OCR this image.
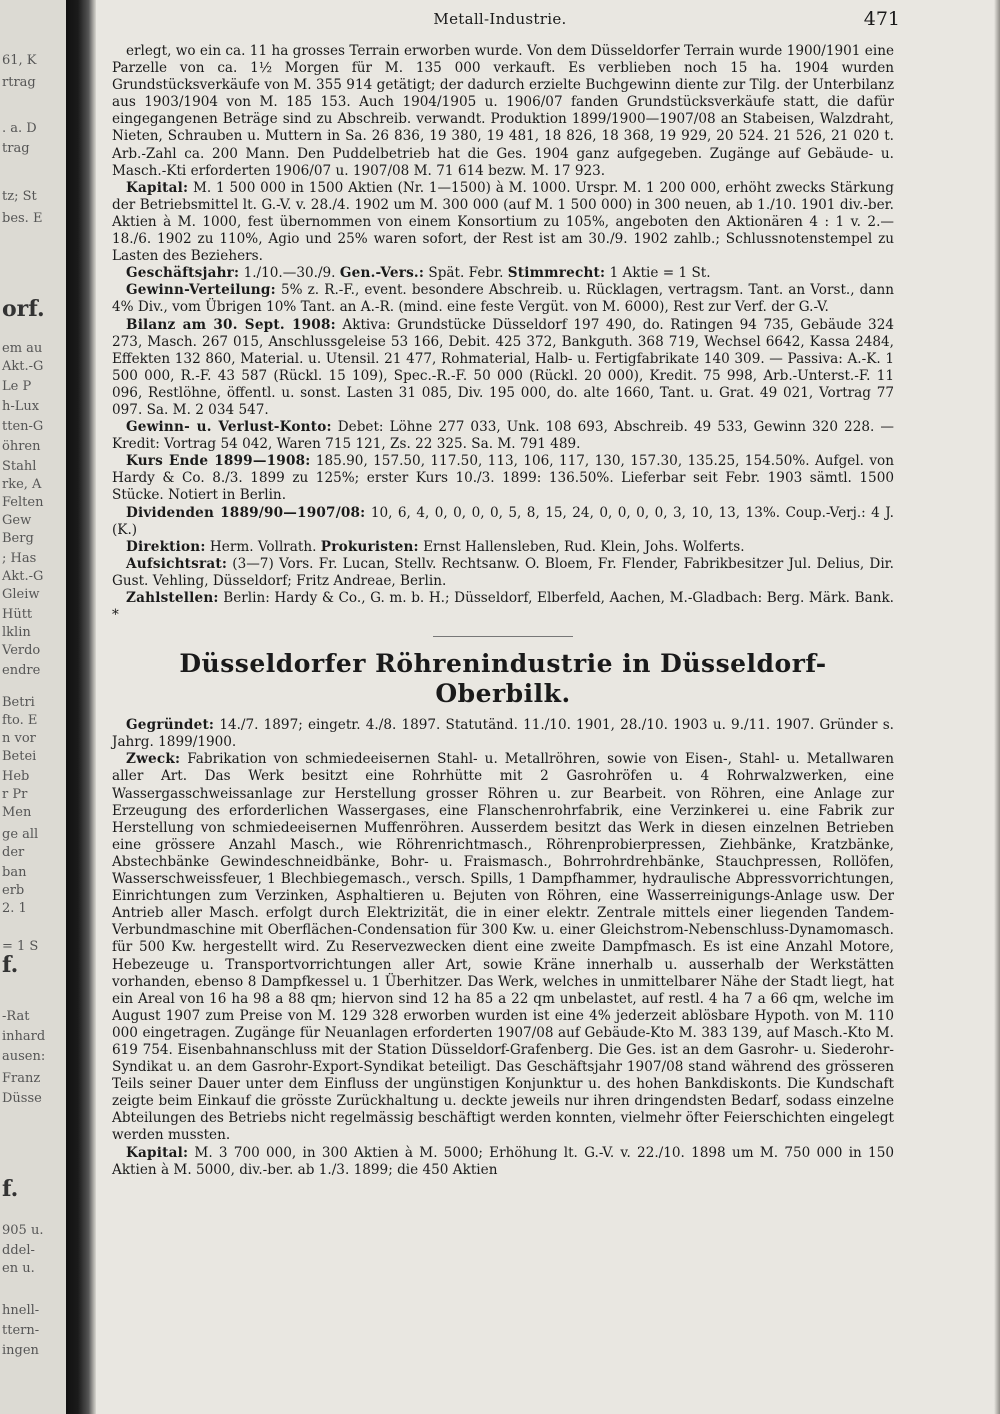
61, K
rtrag
. a. D
trag
tz; St
bes. E
orf.
em au
Akt.-G
Le P
h-Lux
tten-G
öhren
Stahl
rke, A
Felten
Gew
Berg
; Has
Akt.-G
Gleiw
Hütt
lklin
Verdo
endre
Betri
fto. E
n vor
Betei
Heb
r Pr
Men
ge all
der
ban
erb
2. 1
= 1 S
f.
-Rat
inhard
ausen:
Franz
Düsse
f.
905 u.
ddel-
en u.
hnell-
ttern-
ingen
Metall-Industrie.	471

erlegt, wo ein ca. 11 ha grosses Terrain erworben wurde. Von dem Düsseldorfer Terrain wurde 1900/1901 eine Parzelle von ca. 1½ Morgen für M. 135 000 verkauft. Es verblieben noch 15 ha. 1904 wurden Grundstücksverkäufe von M. 355 914 getätigt; der dadurch erzielte Buchgewinn diente zur Tilg. der Unterbilanz aus 1903/1904 von M. 185 153. Auch 1904/1905 u. 1906/07 fanden Grundstücksverkäufe statt, die dafür eingegangenen Beträge sind zu Abschreib. verwandt. Produktion 1899/1900—1907/08 an Stabeisen, Walzdraht, Nieten, Schrauben u. Muttern in Sa. 26 836, 19 380, 19 481, 18 826, 18 368, 19 929, 20 524. 21 526, 21 020 t. Arb.-Zahl ca. 200 Mann. Den Puddelbetrieb hat die Ges. 1904 ganz aufgegeben. Zugänge auf Gebäude- u. Masch.-Kti erforderten 1906/07 u. 1907/08 M. 71 614 bezw. M. 17 923.

Kapital: M. 1 500 000 in 1500 Aktien (Nr. 1—1500) à M. 1000. Urspr. M. 1 200 000, erhöht zwecks Stärkung der Betriebsmittel lt. G.-V. v. 28./4. 1902 um M. 300 000 (auf M. 1 500 000) in 300 neuen, ab 1./10. 1901 div.-ber. Aktien à M. 1000, fest übernommen von einem Konsortium zu 105%, angeboten den Aktionären 4 : 1 v. 2.—18./6. 1902 zu 110%, Agio und 25% waren sofort, der Rest ist am 30./9. 1902 zahlb.; Schlussnotenstempel zu Lasten des Beziehers.

Geschäftsjahr: 1./10.—30./9. Gen.-Vers.: Spät. Febr. Stimmrecht: 1 Aktie = 1 St.

Gewinn-Verteilung: 5% z. R.-F., event. besondere Abschreib. u. Rücklagen, vertragsm. Tant. an Vorst., dann 4% Div., vom Übrigen 10% Tant. an A.-R. (mind. eine feste Vergüt. von M. 6000), Rest zur Verf. der G.-V.

Bilanz am 30. Sept. 1908: Aktiva: Grundstücke Düsseldorf 197 490, do. Ratingen 94 735, Gebäude 324 273, Masch. 267 015, Anschlussgeleise 53 166, Debit. 425 372, Bankguth. 368 719, Wechsel 6642, Kassa 2484, Effekten 132 860, Material. u. Utensil. 21 477, Rohmaterial, Halb- u. Fertigfabrikate 140 309. — Passiva: A.-K. 1 500 000, R.-F. 43 587 (Rückl. 15 109), Spec.-R.-F. 50 000 (Rückl. 20 000), Kredit. 75 998, Arb.-Unterst.-F. 11 096, Restlöhne, öffentl. u. sonst. Lasten 31 085, Div. 195 000, do. alte 1660, Tant. u. Grat. 49 021, Vortrag 77 097. Sa. M. 2 034 547.

Gewinn- u. Verlust-Konto: Debet: Löhne 277 033, Unk. 108 693, Abschreib. 49 533, Gewinn 320 228. — Kredit: Vortrag 54 042, Waren 715 121, Zs. 22 325. Sa. M. 791 489.

Kurs Ende 1899—1908: 185.90, 157.50, 117.50, 113, 106, 117, 130, 157.30, 135.25, 154.50%. Aufgel. von Hardy & Co. 8./3. 1899 zu 125%; erster Kurs 10./3. 1899: 136.50%. Lieferbar seit Febr. 1903 sämtl. 1500 Stücke. Notiert in Berlin.

Dividenden 1889/90—1907/08: 10, 6, 4, 0, 0, 0, 0, 5, 8, 15, 24, 0, 0, 0, 0, 3, 10, 13, 13%. Coup.-Verj.: 4 J. (K.)

Direktion: Herm. Vollrath. Prokuristen: Ernst Hallensleben, Rud. Klein, Johs. Wolferts.

Aufsichtsrat: (3—7) Vors. Fr. Lucan, Stellv. Rechtsanw. O. Bloem, Fr. Flender, Fabrikbesitzer Jul. Delius, Dir. Gust. Vehling, Düsseldorf; Fritz Andreae, Berlin.

Zahlstellen: Berlin: Hardy & Co., G. m. b. H.; Düsseldorf, Elberfeld, Aachen, M.-Gladbach: Berg. Märk. Bank. *

Düsseldorfer Röhrenindustrie in Düsseldorf-Oberbilk.

Gegründet: 14./7. 1897; eingetr. 4./8. 1897. Statutänd. 11./10. 1901, 28./10. 1903 u. 9./11. 1907. Gründer s. Jahrg. 1899/1900.

Zweck: Fabrikation von schmiedeeisernen Stahl- u. Metallröhren, sowie von Eisen-, Stahl- u. Metallwaren aller Art. Das Werk besitzt eine Rohrhütte mit 2 Gasrohröfen u. 4 Rohrwalzwerken, eine Wassergasschweissanlage zur Herstellung grosser Röhren u. zur Bearbeit. von Röhren, eine Anlage zur Erzeugung des erforderlichen Wassergases, eine Flanschenrohrfabrik, eine Verzinkerei u. eine Fabrik zur Herstellung von schmiedeeisernen Muffenröhren. Ausserdem besitzt das Werk in diesen einzelnen Betrieben eine grössere Anzahl Masch., wie Röhrenrichtmasch., Röhrenprobierpressen, Ziehbänke, Kratzbänke, Abstechbänke Gewindeschneidbänke, Bohr- u. Fraismasch., Bohrrohrdrehbänke, Stauchpressen, Rollöfen, Wasserschweissfeuer, 1 Blechbiegemasch., versch. Spills, 1 Dampfhammer, hydraulische Abpressvorrichtungen, Einrichtungen zum Verzinken, Asphaltieren u. Bejuten von Röhren, eine Wasserreinigungs-Anlage usw. Der Antrieb aller Masch. erfolgt durch Elektrizität, die in einer elektr. Zentrale mittels einer liegenden Tandem-Verbundmaschine mit Oberflächen-Condensation für 300 Kw. u. einer Gleichstrom-Nebenschluss-Dynamomasch. für 500 Kw. hergestellt wird. Zu Reservezwecken dient eine zweite Dampfmasch. Es ist eine Anzahl Motore, Hebezeuge u. Transportvorrichtungen aller Art, sowie Kräne innerhalb u. ausserhalb der Werkstätten vorhanden, ebenso 8 Dampfkessel u. 1 Überhitzer. Das Werk, welches in unmittelbarer Nähe der Stadt liegt, hat ein Areal von 16 ha 98 a 88 qm; hiervon sind 12 ha 85 a 22 qm unbelastet, auf restl. 4 ha 7 a 66 qm, welche im August 1907 zum Preise von M. 129 328 erworben wurden ist eine 4% jederzeit ablösbare Hypoth. von M. 110 000 eingetragen. Zugänge für Neuanlagen erforderten 1907/08 auf Gebäude-Kto M. 383 139, auf Masch.-Kto M. 619 754. Eisenbahnanschluss mit der Station Düsseldorf-Grafenberg. Die Ges. ist an dem Gasrohr- u. Siederohr-Syndikat u. an dem Gasrohr-Export-Syndikat beteiligt. Das Geschäftsjahr 1907/08 stand während des grösseren Teils seiner Dauer unter dem Einfluss der ungünstigen Konjunktur u. des hohen Bankdiskonts. Die Kundschaft zeigte beim Einkauf die grösste Zurückhaltung u. deckte jeweils nur ihren dringendsten Bedarf, sodass einzelne Abteilungen des Betriebs nicht regelmässig beschäftigt werden konnten, vielmehr öfter Feierschichten eingelegt werden mussten.

Kapital: M. 3 700 000, in 300 Aktien à M. 5000; Erhöhung lt. G.-V. v. 22./10. 1898 um M. 750 000 in 150 Aktien à M. 5000, div.-ber. ab 1./3. 1899; die 450 Aktien
